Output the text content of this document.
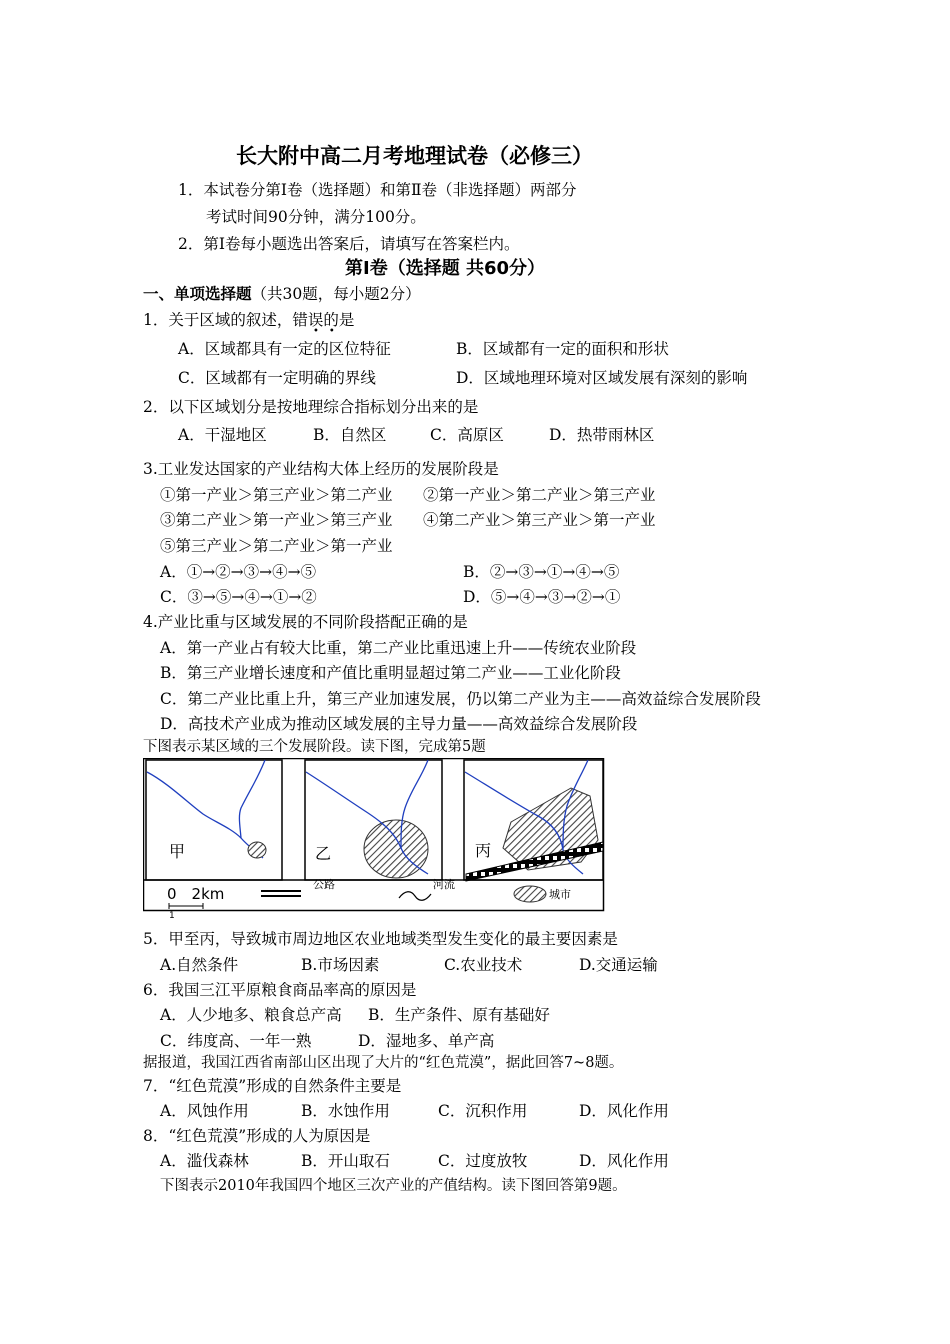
长大附中高二月考地理试卷（必修三）
1．本试卷分第Ⅰ卷（选择题）和第Ⅱ卷（非选择题）两部分
考试时间90分钟，满分100分。
2．第Ⅰ卷每小题选出答案后，请填写在答案栏内。
第Ⅰ卷（选择题 共60分）
一、单项选择题（共30题，每小题2分）
1．关于区域的叙述，错误的是
•　•
A．区域都具有一定的区位特征	B．区域都有一定的面积和形状
C．区域都有一定明确的界线	D．区域地理环境对区域发展有深刻的影响
2．以下区域划分是按地理综合指标划分出来的是
A．干湿地区	B．自然区	C．高原区	D．热带雨林区
3.工业发达国家的产业结构大体上经历的发展阶段是
①第一产业＞第三产业＞第二产业 ②第一产业＞第二产业＞第三产业
③第二产业＞第一产业＞第三产业 ④第二产业＞第三产业＞第一产业
⑤第三产业＞第二产业＞第一产业
A．①→②→③→④→⑤	B．②→③→①→④→⑤
C．③→⑤→④→①→②	D．⑤→④→③→②→①
4.产业比重与区域发展的不同阶段搭配正确的是
A．第一产业占有较大比重，第二产业比重迅速上升——传统农业阶段
B．第三产业增长速度和产值比重明显超过第二产业——工业化阶段
C．第二产业比重上升，第三产业加速发展，仍以第二产业为主——高效益综合发展阶段
D．高技术产业成为推动区域发展的主导力量——高效益综合发展阶段
下图表示某区域的三个发展阶段。读下图，完成第5题
甲	乙	丙
0　2km
1
公路	河流
城市
5．甲至丙，导致城市周边地区农业地域类型发生变化的最主要因素是
A.自然条件	B.市场因素	C.农业技术	D.交通运输
6．我国三江平原粮食商品率高的原因是
A．人少地多、粮食总产高 B．生产条件、原有基础好
C．纬度高、一年一熟	D．湿地多、单产高
据报道，我国江西省南部山区出现了大片的“红色荒漠”，据此回答7~8题。
7．“红色荒漠”形成的自然条件主要是
A．风蚀作用	B．水蚀作用	C．沉积作用	D．风化作用
8．“红色荒漠”形成的人为原因是
A．滥伐森林	B．开山取石	C．过度放牧	D．风化作用
下图表示2010年我国四个地区三次产业的产值结构。读下图回答第9题。
